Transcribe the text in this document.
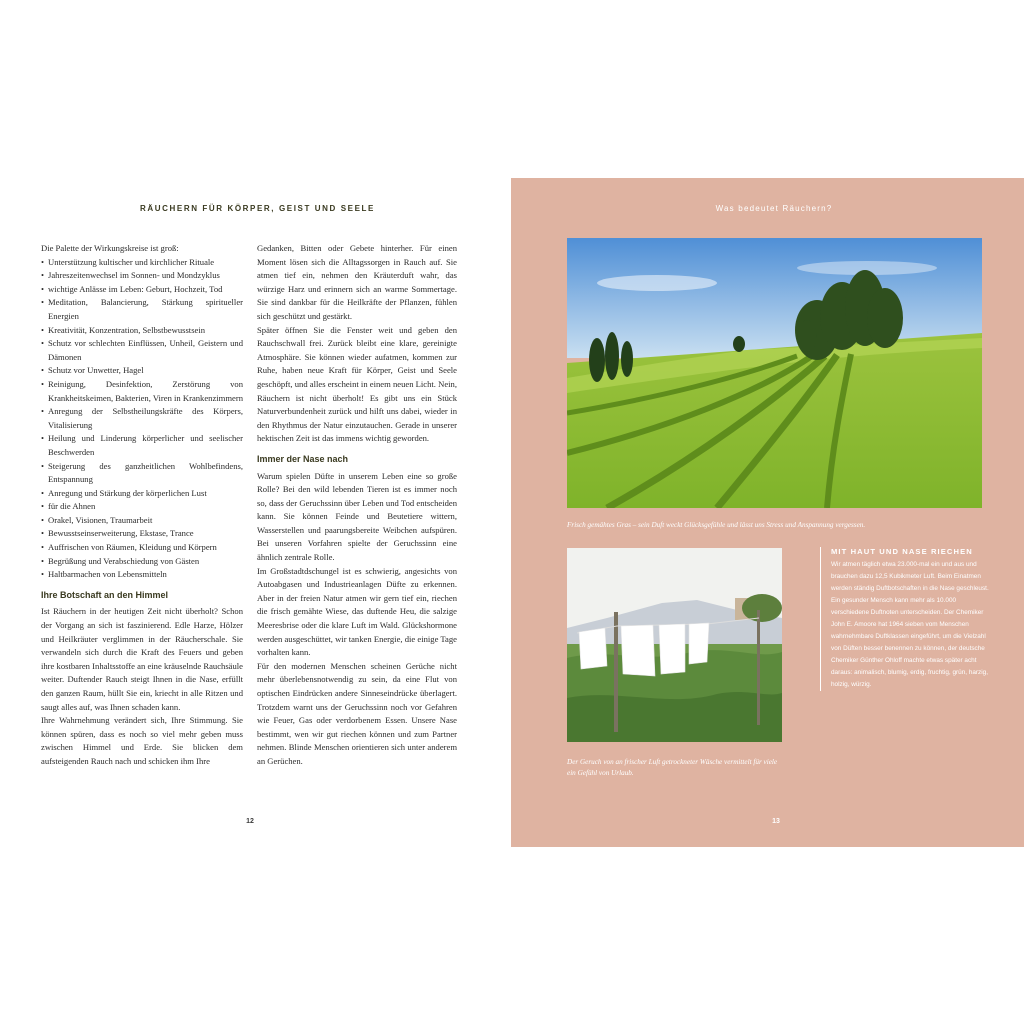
RÄUCHERN FÜR KÖRPER, GEIST UND SEELE	Was bedeutet Räuchern?

Die Palette der Wirkungskreise ist groß:

• Unterstützung kultischer und kirchlicher Rituale
• Jahreszeitenwechsel im Sonnen- und Mondzyklus
• wichtige Anlässe im Leben: Geburt, Hochzeit, Tod
• Meditation, Balancierung, Stärkung spiritueller Energien
• Kreativität, Konzentration, Selbstbewusstsein
• Schutz vor schlechten Einflüssen, Unheil, Geistern und Dämonen
• Schutz vor Unwetter, Hagel
• Reinigung, Desinfektion, Zerstörung von Krankheitskeimen, Bakterien, Viren in Krankenzimmern
• Anregung der Selbstheilungskräfte des Körpers, Vitalisierung
• Heilung und Linderung körperlicher und seelischer Beschwerden
• Steigerung des ganzheitlichen Wohlbefindens, Entspannung
• Anregung und Stärkung der körperlichen Lust
• für die Ahnen
• Orakel, Visionen, Traumarbeit
• Bewusstseinserweiterung, Ekstase, Trance
• Auffrischen von Räumen, Kleidung und Körpern
• Begrüßung und Verabschiedung von Gästen
• Haltbarmachen von Lebensmitteln
Ihre Botschaft an den Himmel

Ist Räuchern in der heutigen Zeit nicht überholt? Schon der Vorgang an sich ist faszinierend. Edle Harze, Hölzer und Heilkräuter verglimmen in der Räucherschale. Sie verwandeln sich durch die Kraft des Feuers und geben ihre kostbaren Inhaltsstoffe an eine kräuselnde Rauchsäule weiter. Duftender Rauch steigt Ihnen in die Nase, erfüllt den ganzen Raum, hüllt Sie ein, kriecht in alle Ritzen und saugt alles auf, was Ihnen schaden kann.

Ihre Wahrnehmung verändert sich, Ihre Stimmung. Sie können spüren, dass es noch so viel mehr geben muss zwischen Himmel und Erde. Sie blicken dem aufsteigenden Rauch nach und schicken ihm Ihre

Gedanken, Bitten oder Gebete hinterher. Für einen Moment lösen sich die Alltagssorgen in Rauch auf. Sie atmen tief ein, nehmen den Kräuterduft wahr, das würzige Harz und erinnern sich an warme Sommertage. Sie sind dankbar für die Heilkräfte der Pflanzen, fühlen sich geschützt und gestärkt.

Später öffnen Sie die Fenster weit und geben den Rauchschwall frei. Zurück bleibt eine klare, gereinigte Atmosphäre. Sie können wieder aufatmen, kommen zur Ruhe, haben neue Kraft für Körper, Geist und Seele geschöpft, und alles erscheint in einem neuen Licht. Nein, Räuchern ist nicht überholt! Es gibt uns ein Stück Naturverbundenheit zurück und hilft uns dabei, wieder in den Rhythmus der Natur einzutauchen. Gerade in unserer hektischen Zeit ist das immens wichtig geworden.

Immer der Nase nach

Warum spielen Düfte in unserem Leben eine so große Rolle? Bei den wild lebenden Tieren ist es immer noch so, dass der Geruchssinn über Leben und Tod entscheiden kann. Sie können Feinde und Beutetiere wittern, Wasserstellen und paarungsbereite Weibchen aufspüren. Bei unseren Vorfahren spielte der Geruchssinn eine ähnlich zentrale Rolle.

Im Großstadtdschungel ist es schwierig, angesichts von Autoabgasen und Industrieanlagen Düfte zu erkennen. Aber in der freien Natur atmen wir gern tief ein, riechen die frisch gemähte Wiese, das duftende Heu, die salzige Meeresbrise oder die klare Luft im Wald. Glückshormone werden ausgeschüttet, wir tanken Energie, die einige Tage vorhalten kann.

Für den modernen Menschen scheinen Gerüche nicht mehr überlebensnotwendig zu sein, da eine Flut von optischen Eindrücken andere Sinneseindrücke überlagert. Trotzdem warnt uns der Geruchssinn noch vor Gefahren wie Feuer, Gas oder verdorbenem Essen. Unsere Nase bestimmt, wen wir gut riechen können und zum Partner nehmen. Blinde Menschen orientieren sich unter anderem an Gerüchen.

12	13
Frisch gemähtes Gras – sein Duft weckt Glücksgefühle und lässt uns Stress und Anspannung vergessen.
Der Geruch von an frischer Luft getrockneter Wäsche vermittelt für viele ein Gefühl von Urlaub.
MIT HAUT UND NASE RIECHEN

Wir atmen täglich etwa 23.000-mal ein und aus und brauchen dazu 12,5 Kubikmeter Luft. Beim Einatmen werden ständig Duftbotschaften in die Nase geschleust. Ein gesunder Mensch kann mehr als 10.000 verschiedene Duftnoten unterscheiden. Der Chemiker John E. Amoore hat 1964 sieben vom Menschen wahrnehmbare Duftklassen eingeführt, um die Vielzahl von Düften besser benennen zu können, der deutsche Chemiker Günther Ohloff machte etwas später acht daraus: animalisch, blumig, erdig, fruchtig, grün, harzig, holzig, würzig.
